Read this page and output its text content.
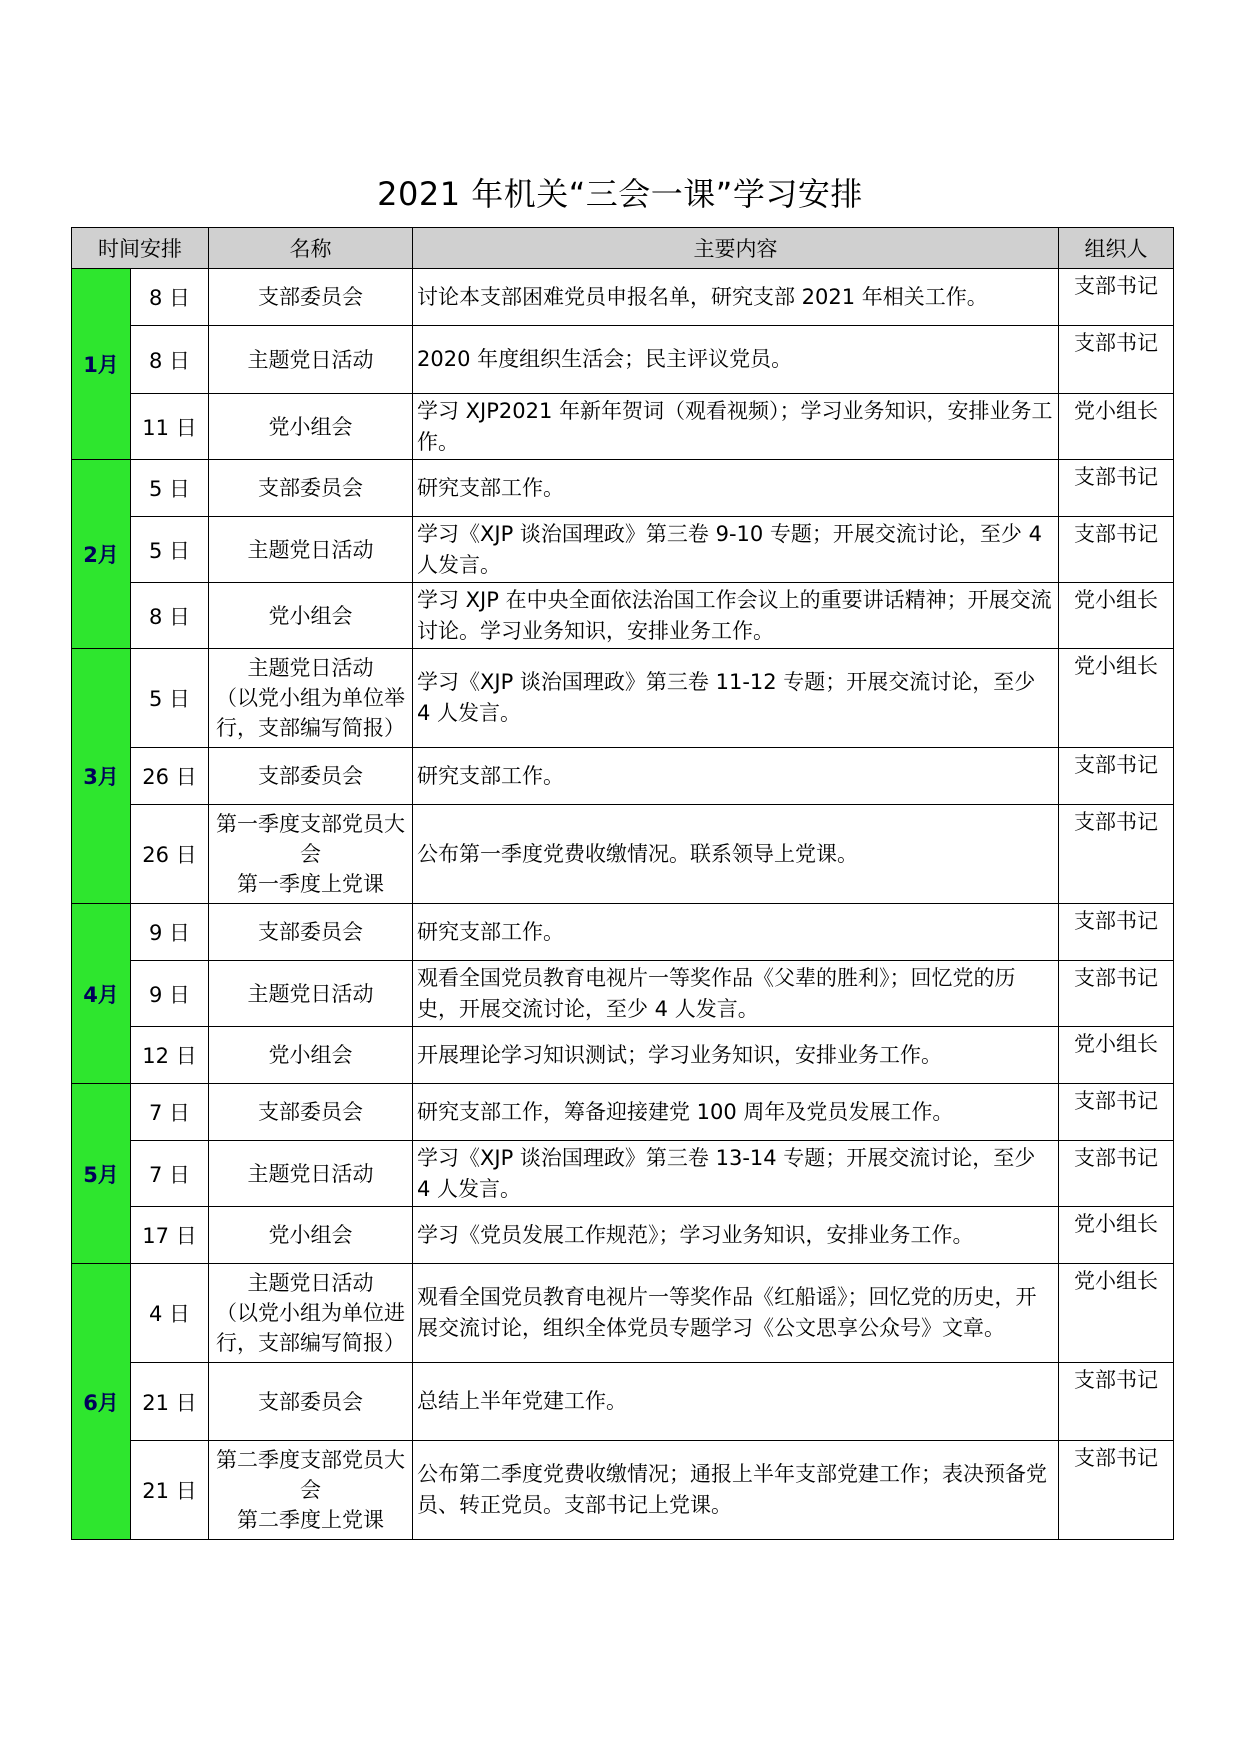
2021 年机关“三会一课”学习安排
时间安排		名称	主要内容	组织人
1月	8 日	支部委员会	讨论本支部困难党员申报名单，研究支部 2021 年相关工作。	支部书记
	8 日	主题党日活动	2020 年度组织生活会；民主评议党员。	支部书记
	11 日	党小组会	学习 XJP2021 年新年贺词（观看视频）；学习业务知识，安排业务工作。	党小组长
2月	5 日	支部委员会	研究支部工作。	支部书记
	5 日	主题党日活动	学习《XJP 谈治国理政》第三卷 9-10 专题；开展交流讨论，至少 4 人发言。	支部书记
	8 日	党小组会	学习 XJP 在中央全面依法治国工作会议上的重要讲话精神；开展交流讨论。学习业务知识，安排业务工作。	党小组长
3月	5 日	主题党日活动
（以党小组为单位举
行，支部编写简报）	学习《XJP 谈治国理政》第三卷 11-12 专题；开展交流讨论，至少 4 人发言。	党小组长
	26 日	支部委员会	研究支部工作。	支部书记
	26 日	第一季度支部党员大
会
第一季度上党课	公布第一季度党费收缴情况。联系领导上党课。	支部书记
4月	9 日	支部委员会	研究支部工作。	支部书记
	9 日	主题党日活动	观看全国党员教育电视片一等奖作品《父辈的胜利》；回忆党的历史，开展交流讨论，至少 4 人发言。	支部书记
	12 日	党小组会	开展理论学习知识测试；学习业务知识，安排业务工作。	党小组长
5月	7 日	支部委员会	研究支部工作，筹备迎接建党 100 周年及党员发展工作。	支部书记
	7 日	主题党日活动	学习《XJP 谈治国理政》第三卷 13-14 专题；开展交流讨论，至少 4 人发言。	支部书记
	17 日	党小组会	学习《党员发展工作规范》；学习业务知识，安排业务工作。	党小组长
6月	4 日	主题党日活动
（以党小组为单位进
行，支部编写简报）	观看全国党员教育电视片一等奖作品《红船谣》；回忆党的历史，开展交流讨论，组织全体党员专题学习《公文思享公众号》文章。	党小组长
	21 日	支部委员会	总结上半年党建工作。	支部书记
	21 日	第二季度支部党员大
会
第二季度上党课	公布第二季度党费收缴情况；通报上半年支部党建工作；表决预备党员、转正党员。支部书记上党课。	支部书记
